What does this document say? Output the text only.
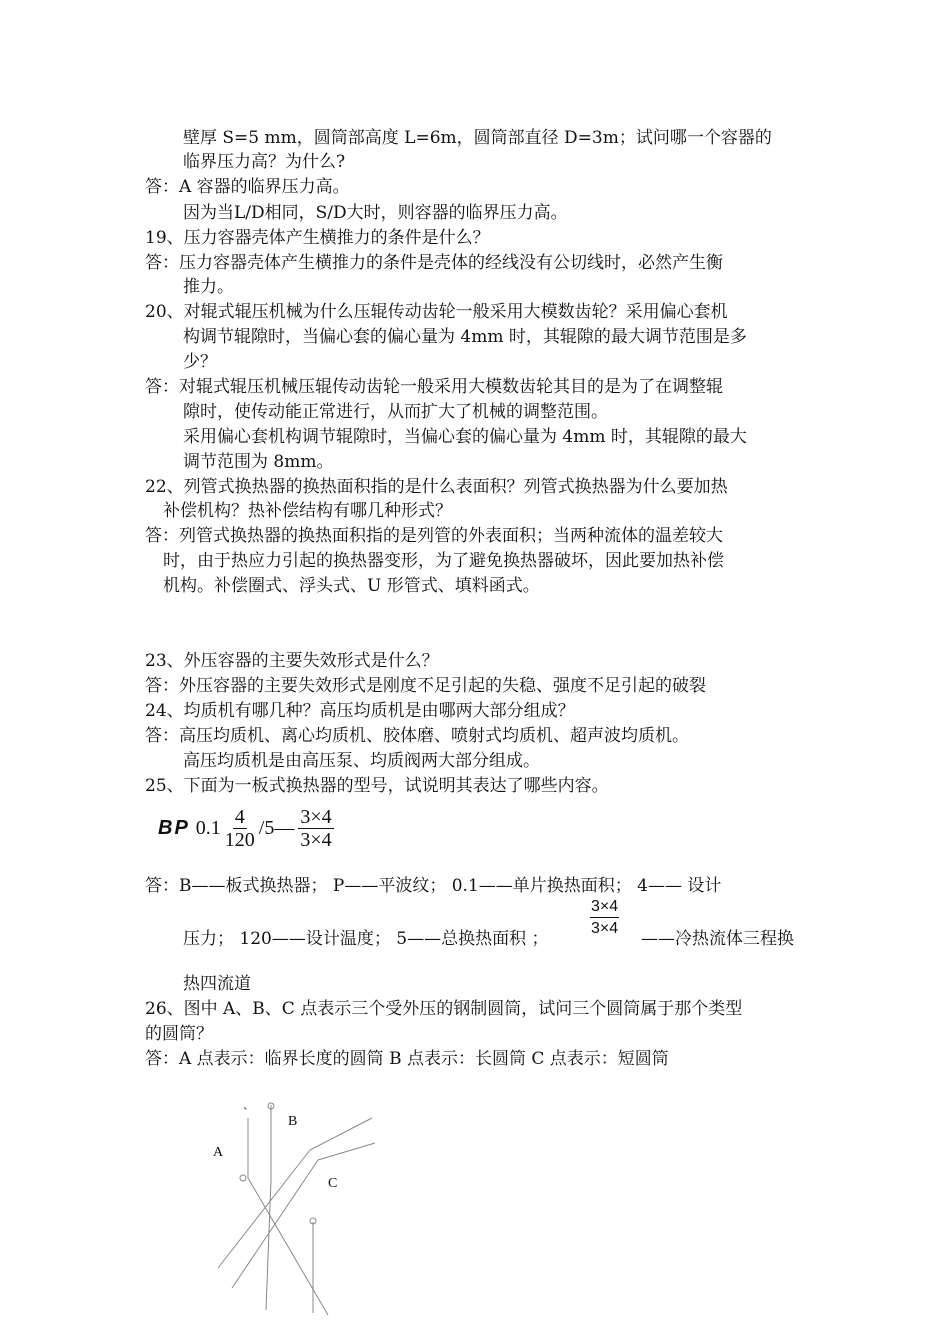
壁厚 S=5 mm，圆筒部高度 L=6m，圆筒部直径 D=3m；试问哪一个容器的
临界压力高？为什么?
答：A 容器的临界压力高。
因为当L/D相同，S/D大时，则容器的临界压力高。
19、压力容器壳体产生横推力的条件是什么？
答：压力容器壳体产生横推力的条件是壳体的经线没有公切线时，必然产生衡
推力。
20、对辊式辊压机械为什么压辊传动齿轮一般采用大模数齿轮？采用偏心套机
构调节辊隙时，当偏心套的偏心量为 4mm 时，其辊隙的最大调节范围是多
少？
答：对辊式辊压机械压辊传动齿轮一般采用大模数齿轮其目的是为了在调整辊
隙时，使传动能正常进行，从而扩大了机械的调整范围。
采用偏心套机构调节辊隙时，当偏心套的偏心量为 4mm 时，其辊隙的最大
调节范围为 8mm。
22、列管式换热器的换热面积指的是什么表面积？列管式换热器为什么要加热
补偿机构？热补偿结构有哪几种形式？
答：列管式换热器的换热面积指的是列管的外表面积；当两种流体的温差较大
时，由于热应力引起的换热器变形，为了避免换热器破坏，因此要加热补偿
机构。补偿圈式、浮头式、U 形管式、填料函式。
23、外压容器的主要失效形式是什么？
答：外压容器的主要失效形式是刚度不足引起的失稳、强度不足引起的破裂
24、均质机有哪几种？高压均质机是由哪两大部分组成？
答：高压均质机、离心均质机、胶体磨、喷射式均质机、超声波均质机。
高压均质机是由高压泵、均质阀两大部分组成。
25、下面为一板式换热器的型号，试说明其表达了哪些内容。
BP $0.1 \frac{4}{120}$ /5— $\frac{3\times 4}{3\times 4}$
答：B——板式换热器； P——平波纹； 0.1——单片换热面积； 4—— 设计
压力； 120——设计温度； 5——总换热面积 ；	$\frac{3\times 4}{3\times 4}$ ——冷热流体三程换
热四流道
26、图中 A、B、C 点表示三个受外压的钢制圆筒，试问三个圆筒属于那个类型
的圆筒？
答：A 点表示：临界长度的圆筒 B 点表示：长圆筒 C 点表示：短圆筒
`
A
B
C
